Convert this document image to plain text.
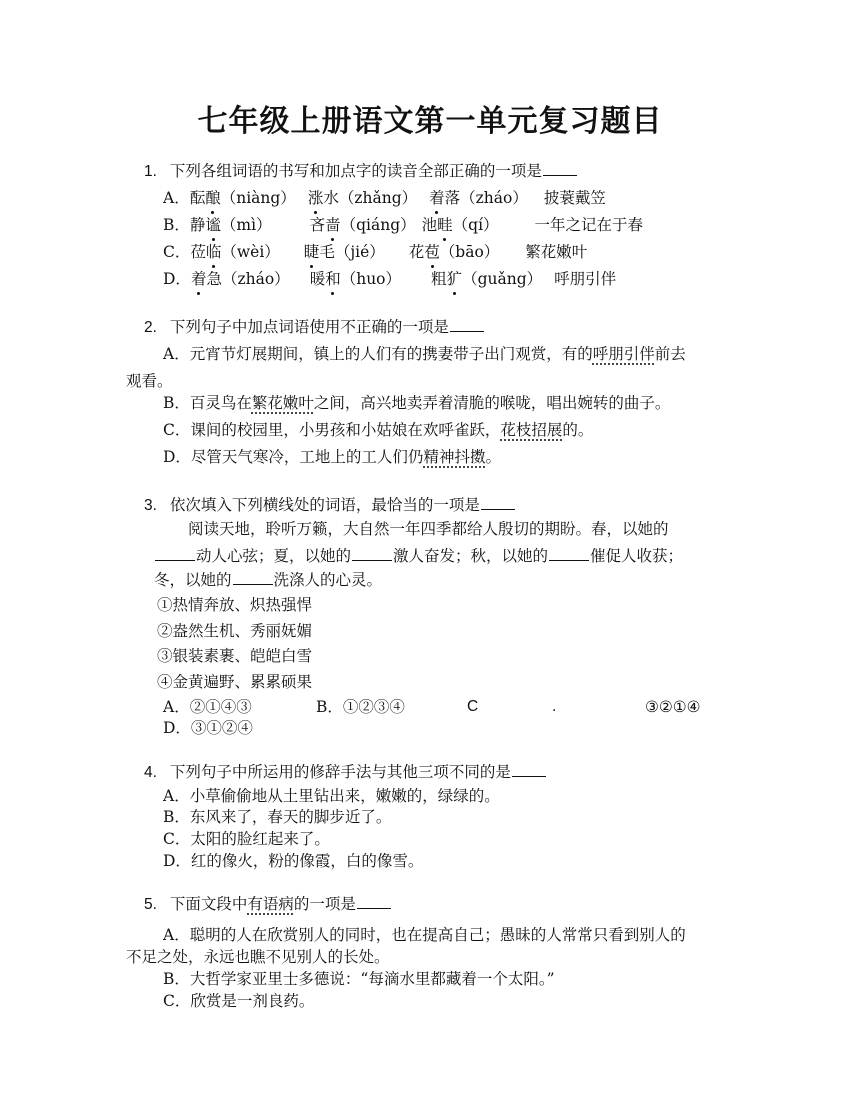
七年级上册语文第一单元复习题目
1. 下列各组词语的书写和加点字的读音全部正确的一项是
A．酝酿（niàng） 涨水（zhǎng） 着落（zháo） 披蓑戴笠
B．静谧（mì） 吝啬（qiáng） 池畦（qí） 一年之记在于春
C．莅临（wèi） 睫毛（jié） 花苞（bāo） 繁花嫩叶
D．着急（zháo） 暖和（huo） 粗犷（guǎng） 呼朋引伴
2. 下列句子中加点词语使用不正确的一项是
A．元宵节灯展期间，镇上的人们有的携妻带子出门观赏，有的呼朋引伴前去
观看。
B．百灵鸟在繁花嫩叶之间，高兴地卖弄着清脆的喉咙，唱出婉转的曲子。
C．课间的校园里，小男孩和小姑娘在欢呼雀跃，花枝招展的。
D．尽管天气寒冷，工地上的工人们仍精神抖擞。
3. 依次填入下列横线处的词语，最恰当的一项是
阅读天地，聆听万籁，大自然一年四季都给人殷切的期盼。春，以她的
动人心弦；夏，以她的	激人奋发；秋，以她的	催促人收获；
冬，以她的	洗涤人的心灵。
①热情奔放、炽热强悍
②盎然生机、秀丽妩媚
③银装素裹、皑皑白雪
④金黄遍野、累累硕果
A．②①④③	B．①②③④	C	.	③②①④
D．③①②④
4. 下列句子中所运用的修辞手法与其他三项不同的是
A．小草偷偷地从土里钻出来，嫩嫩的，绿绿的。
B．东风来了，春天的脚步近了。
C．太阳的脸红起来了。
D．红的像火，粉的像霞，白的像雪。
5. 下面文段中有语病的一项是
A．聪明的人在欣赏别人的同时，也在提高自己；愚昧的人常常只看到别人的
不足之处，永远也瞧不见别人的长处。
B．大哲学家亚里士多德说：“每滴水里都藏着一个太阳。”
C．欣赏是一剂良药。
